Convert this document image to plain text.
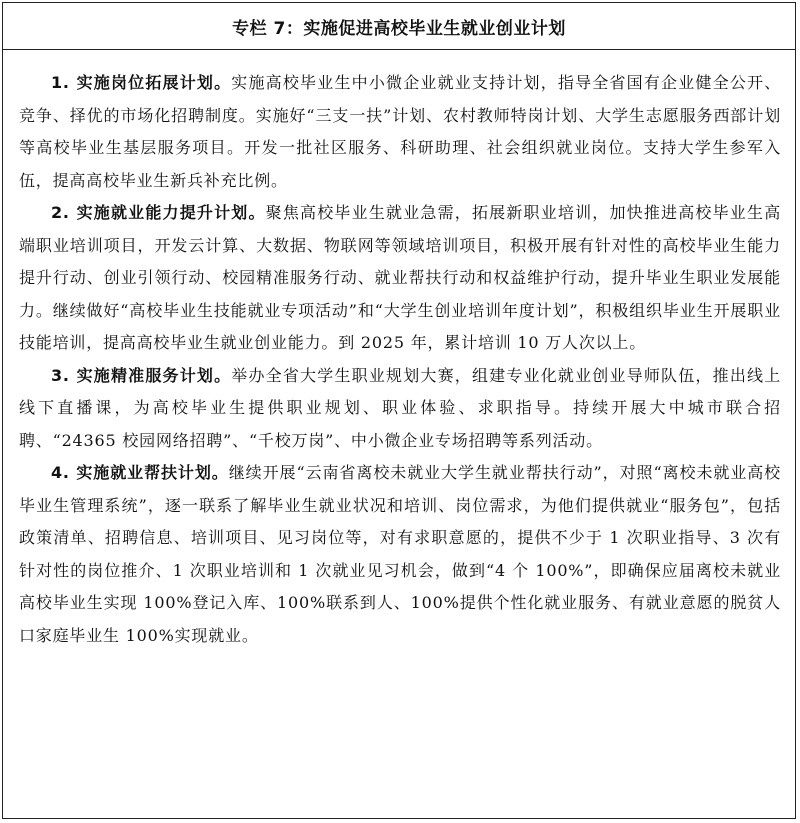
专栏 7：实施促进高校毕业生就业创业计划

1. 实施岗位拓展计划。实施高校毕业生中小微企业就业支持计划，指导全省国有企业健全公开、竞争、择优的市场化招聘制度。实施好“三支一扶”计划、农村教师特岗计划、大学生志愿服务西部计划等高校毕业生基层服务项目。开发一批社区服务、科研助理、社会组织就业岗位。支持大学生参军入伍，提高高校毕业生新兵补充比例。

2. 实施就业能力提升计划。聚焦高校毕业生就业急需，拓展新职业培训，加快推进高校毕业生高端职业培训项目，开发云计算、大数据、物联网等领域培训项目，积极开展有针对性的高校毕业生能力提升行动、创业引领行动、校园精准服务行动、就业帮扶行动和权益维护行动，提升毕业生职业发展能力。继续做好“高校毕业生技能就业专项活动”和“大学生创业培训年度计划”，积极组织毕业生开展职业技能培训，提高高校毕业生就业创业能力。到 2025 年，累计培训 10 万人次以上。

3. 实施精准服务计划。举办全省大学生职业规划大赛，组建专业化就业创业导师队伍，推出线上线下直播课，为高校毕业生提供职业规划、职业体验、求职指导。持续开展大中城市联合招聘、“24365 校园网络招聘”、“千校万岗”、中小微企业专场招聘等系列活动。

4. 实施就业帮扶计划。继续开展“云南省离校未就业大学生就业帮扶行动”，对照“离校未就业高校毕业生管理系统”，逐一联系了解毕业生就业状况和培训、岗位需求，为他们提供就业“服务包”，包括政策清单、招聘信息、培训项目、见习岗位等，对有求职意愿的，提供不少于 1 次职业指导、3 次有针对性的岗位推介、1 次职业培训和 1 次就业见习机会，做到“4 个 100%”，即确保应届离校未就业高校毕业生实现 100%登记入库、100%联系到人、100%提供个性化就业服务、有就业意愿的脱贫人口家庭毕业生 100%实现就业。
